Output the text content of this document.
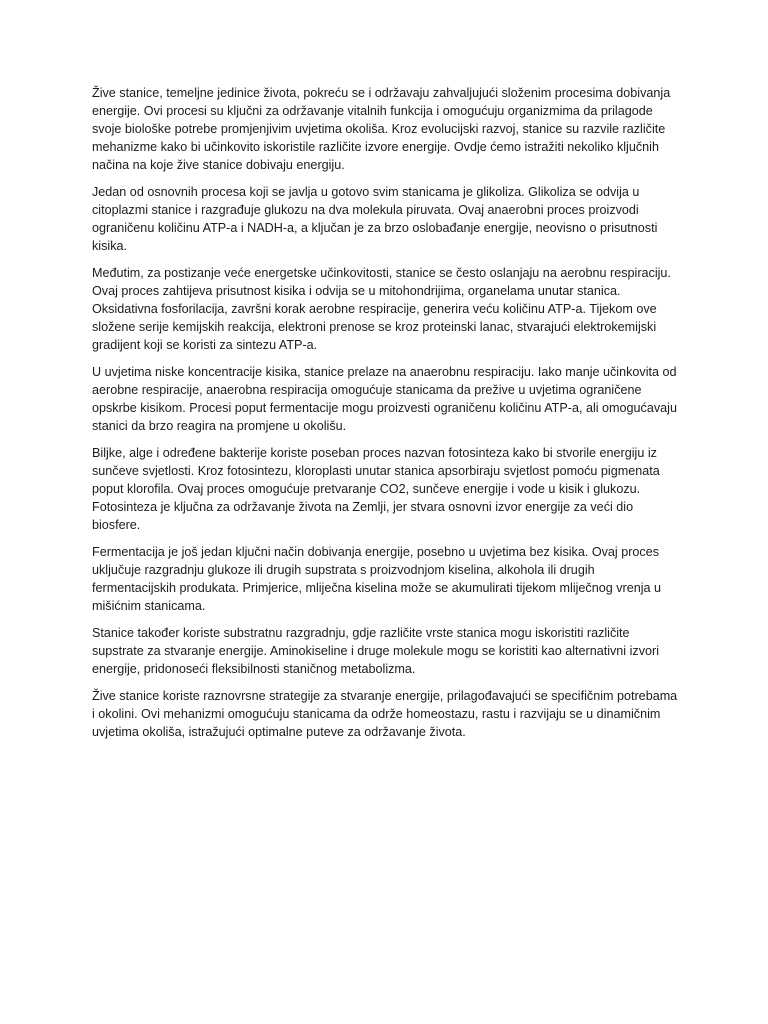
Žive stanice, temeljne jedinice života, pokreću se i održavaju zahvaljujući složenim procesima dobivanja energije. Ovi procesi su ključni za održavanje vitalnih funkcija i omogućuju organizmima da prilagode svoje biološke potrebe promjenjivim uvjetima okoliša. Kroz evolucijski razvoj, stanice su razvile različite mehanizme kako bi učinkovito iskoristile različite izvore energije. Ovdje ćemo istražiti nekoliko ključnih načina na koje žive stanice dobivaju energiju.

Jedan od osnovnih procesa koji se javlja u gotovo svim stanicama je glikoliza. Glikoliza se odvija u citoplazmi stanice i razgrađuje glukozu na dva molekula piruvata. Ovaj anaerobni proces proizvodi ograničenu količinu ATP-a i NADH-a, a ključan je za brzo oslobađanje energije, neovisno o prisutnosti kisika.

Međutim, za postizanje veće energetske učinkovitosti, stanice se često oslanjaju na aerobnu respiraciju. Ovaj proces zahtijeva prisutnost kisika i odvija se u mitohondrijima, organelama unutar stanica. Oksidativna fosforilacija, završni korak aerobne respiracije, generira veću količinu ATP-a. Tijekom ove složene serije kemijskih reakcija, elektroni prenose se kroz proteinski lanac, stvarajući elektrokemijski gradijent koji se koristi za sintezu ATP-a.

U uvjetima niske koncentracije kisika, stanice prelaze na anaerobnu respiraciju. Iako manje učinkovita od aerobne respiracije, anaerobna respiracija omogućuje stanicama da prežive u uvjetima ograničene opskrbe kisikom. Procesi poput fermentacije mogu proizvesti ograničenu količinu ATP-a, ali omogućavaju stanici da brzo reagira na promjene u okolišu.

Biljke, alge i određene bakterije koriste poseban proces nazvan fotosinteza kako bi stvorile energiju iz sunčeve svjetlosti. Kroz fotosintezu, kloroplasti unutar stanica apsorbiraju svjetlost pomoću pigmenata poput klorofila. Ovaj proces omogućuje pretvaranje CO2, sunčeve energije i vode u kisik i glukozu. Fotosinteza je ključna za održavanje života na Zemlji, jer stvara osnovni izvor energije za veći dio biosfere.

Fermentacija je još jedan ključni način dobivanja energije, posebno u uvjetima bez kisika. Ovaj proces uključuje razgradnju glukoze ili drugih supstrata s proizvodnjom kiselina, alkohola ili drugih fermentacijskih produkata. Primjerice, mliječna kiselina može se akumulirati tijekom mliječnog vrenja u mišićnim stanicama.

Stanice također koriste substratnu razgradnju, gdje različite vrste stanica mogu iskoristiti različite supstrate za stvaranje energije. Aminokiseline i druge molekule mogu se koristiti kao alternativni izvori energije, pridonoseći fleksibilnosti staničnog metabolizma.

Žive stanice koriste raznovrsne strategije za stvaranje energije, prilagođavajući se specifičnim potrebama i okolini. Ovi mehanizmi omogućuju stanicama da održe homeostazu, rastu i razvijaju se u dinamičnim uvjetima okoliša, istražujući optimalne puteve za održavanje života.
